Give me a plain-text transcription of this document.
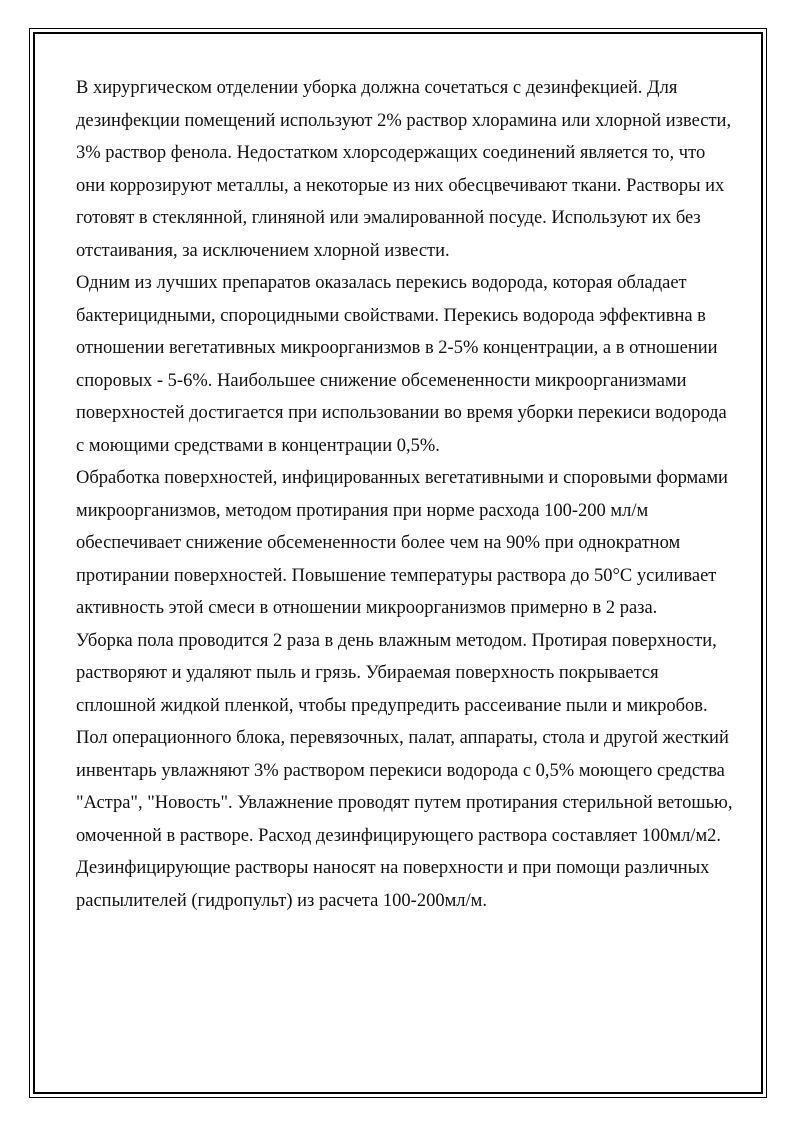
В хирургическом отделении уборка должна сочетаться с дезинфекцией. Для дезинфекции помещений используют 2% раствор хлорамина или хлорной извести, 3% раствор фенола. Недостатком хлорсодержащих соединений является то, что они коррозируют металлы, а некоторые из них обесцвечивают ткани. Растворы их готовят в стеклянной, глиняной или эмалированной посуде. Используют их без отстаивания, за исключением хлорной извести.

Одним из лучших препаратов оказалась перекись водорода, которая обладает бактерицидными, спороцидными свойствами. Перекись водорода эффективна в отношении вегетативных микроорганизмов в 2-5% концентрации, а в отношении споровых - 5-6%. Наибольшее снижение обсемененности микроорганизмами поверхностей достигается при использовании во время уборки перекиси водорода с моющими средствами в концентрации 0,5%.

Обработка поверхностей, инфицированных вегетативными и споровыми формами микроорганизмов, методом протирания при норме расхода 100-200 мл/м обеспечивает снижение обсемененности более чем на 90% при однократном протирании поверхностей. Повышение температуры раствора до 50°C усиливает активность этой смеси в отношении микроорганизмов примерно в 2 раза.

Уборка пола проводится 2 раза в день влажным методом. Протирая поверхности, растворяют и удаляют пыль и грязь. Убираемая поверхность покрывается сплошной жидкой пленкой, чтобы предупредить рассеивание пыли и микробов.

Пол операционного блока, перевязочных, палат, аппараты, стола и другой жесткий инвентарь увлажняют 3% раствором перекиси водорода с 0,5% моющего средства "Астра", "Новость". Увлажнение проводят путем протирания стерильной ветошью, омоченной в растворе. Расход дезинфицирующего раствора составляет 100мл/м2.

Дезинфицирующие растворы наносят на поверхности и при помощи различных распылителей (гидропульт) из расчета 100-200мл/м.
